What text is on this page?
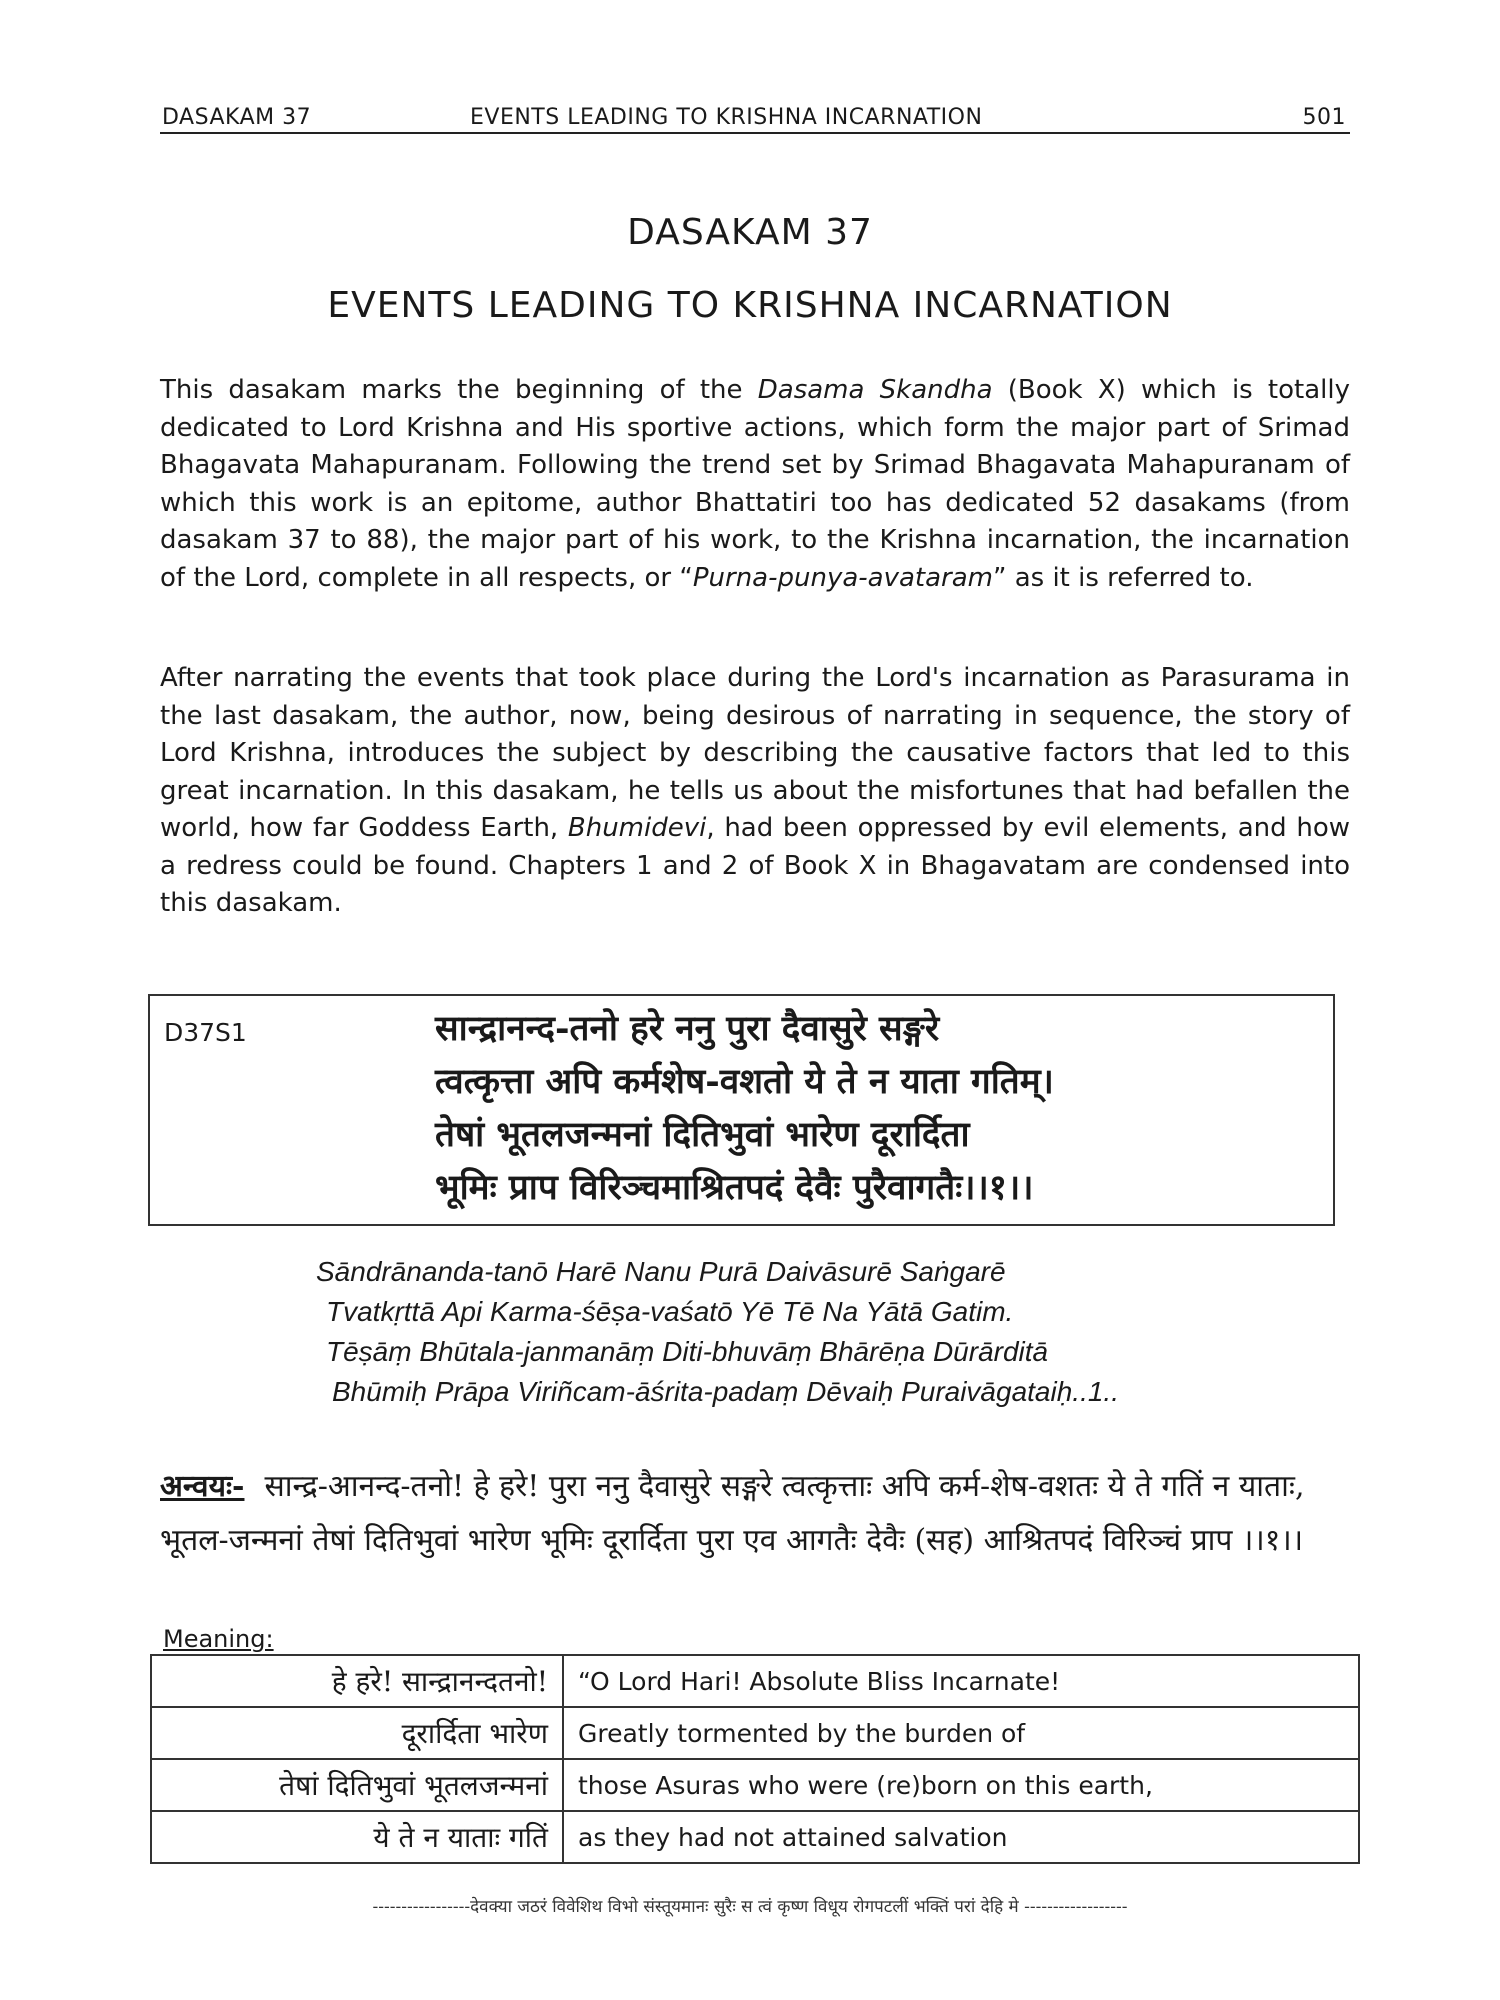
DASAKAM 37	EVENTS LEADING TO KRISHNA INCARNATION	501
DASAKAM 37
EVENTS LEADING TO KRISHNA INCARNATION

This dasakam marks the beginning of the Dasama Skandha (Book X) which is totally dedicated to Lord Krishna and His sportive actions, which form the major part of Srimad Bhagavata Mahapuranam. Following the trend set by Srimad Bhagavata Mahapuranam of which this work is an epitome, author Bhattatiri too has dedicated 52 dasakams (from dasakam 37 to 88), the major part of his work, to the Krishna incarnation, the incarnation of the Lord, complete in all respects, or “Purna-punya-avataram” as it is referred to.

After narrating the events that took place during the Lord's incarnation as Parasurama in the last dasakam, the author, now, being desirous of narrating in sequence, the story of Lord Krishna, introduces the subject by describing the causative factors that led to this great incarnation. In this dasakam, he tells us about the misfortunes that had befallen the world, how far Goddess Earth, Bhumidevi, had been oppressed by evil elements, and how a redress could be found. Chapters 1 and 2 of Book X in Bhagavatam are condensed into this dasakam.

D37S1	सान्द्रानन्द-तनो हरे ननु पुरा दैवासुरे सङ्गरे
त्वत्कृत्ता अपि कर्मशेष-वशतो ये ते न याता गतिम्।
तेषां भूतलजन्मनां दितिभुवां भारेण दूरार्दिता
भूमिः प्राप विरिञ्चमाश्रितपदं देवैः पुरैवागतैः।।१।।
Sāndrānanda-tanō Harē Nanu Purā Daivāsurē Saṅgarē
Tvatkṛttā Api Karma-śēṣa-vaśatō Yē Tē Na Yātā Gatim.
Tēṣāṃ Bhūtala-janmanāṃ Diti-bhuvāṃ Bhārēṇa Dūrārditā
Bhūmiḥ Prāpa Viriñcam-āśrita-padaṃ Dēvaiḥ Puraivāgataiḥ..1..
अन्वयः- सान्द्र-आनन्द-तनो! हे हरे! पुरा ननु दैवासुरे सङ्गरे त्वत्कृत्ताः अपि कर्म-शेष-वशतः ये ते गतिं न याताः, भूतल-जन्मनां तेषां दितिभुवां भारेण भूमिः दूरार्दिता पुरा एव आगतैः देवैः (सह) आश्रितपदं विरिञ्चं प्राप ।।१।।
Meaning:
हे हरे! सान्द्रानन्दतनो!	“O Lord Hari! Absolute Bliss Incarnate!
दूरार्दिता भारेण	Greatly tormented by the burden of
तेषां दितिभुवां भूतलजन्मनां	those Asuras who were (re)born on this earth,
ये ते न याताः गतिं	as they had not attained salvation
-----------------देवक्या जठरं विवेशिथ विभो संस्तूयमानः सुरैः स त्वं कृष्ण विधूय रोगपटलीं भक्तिं परां देहि मे ------------------
